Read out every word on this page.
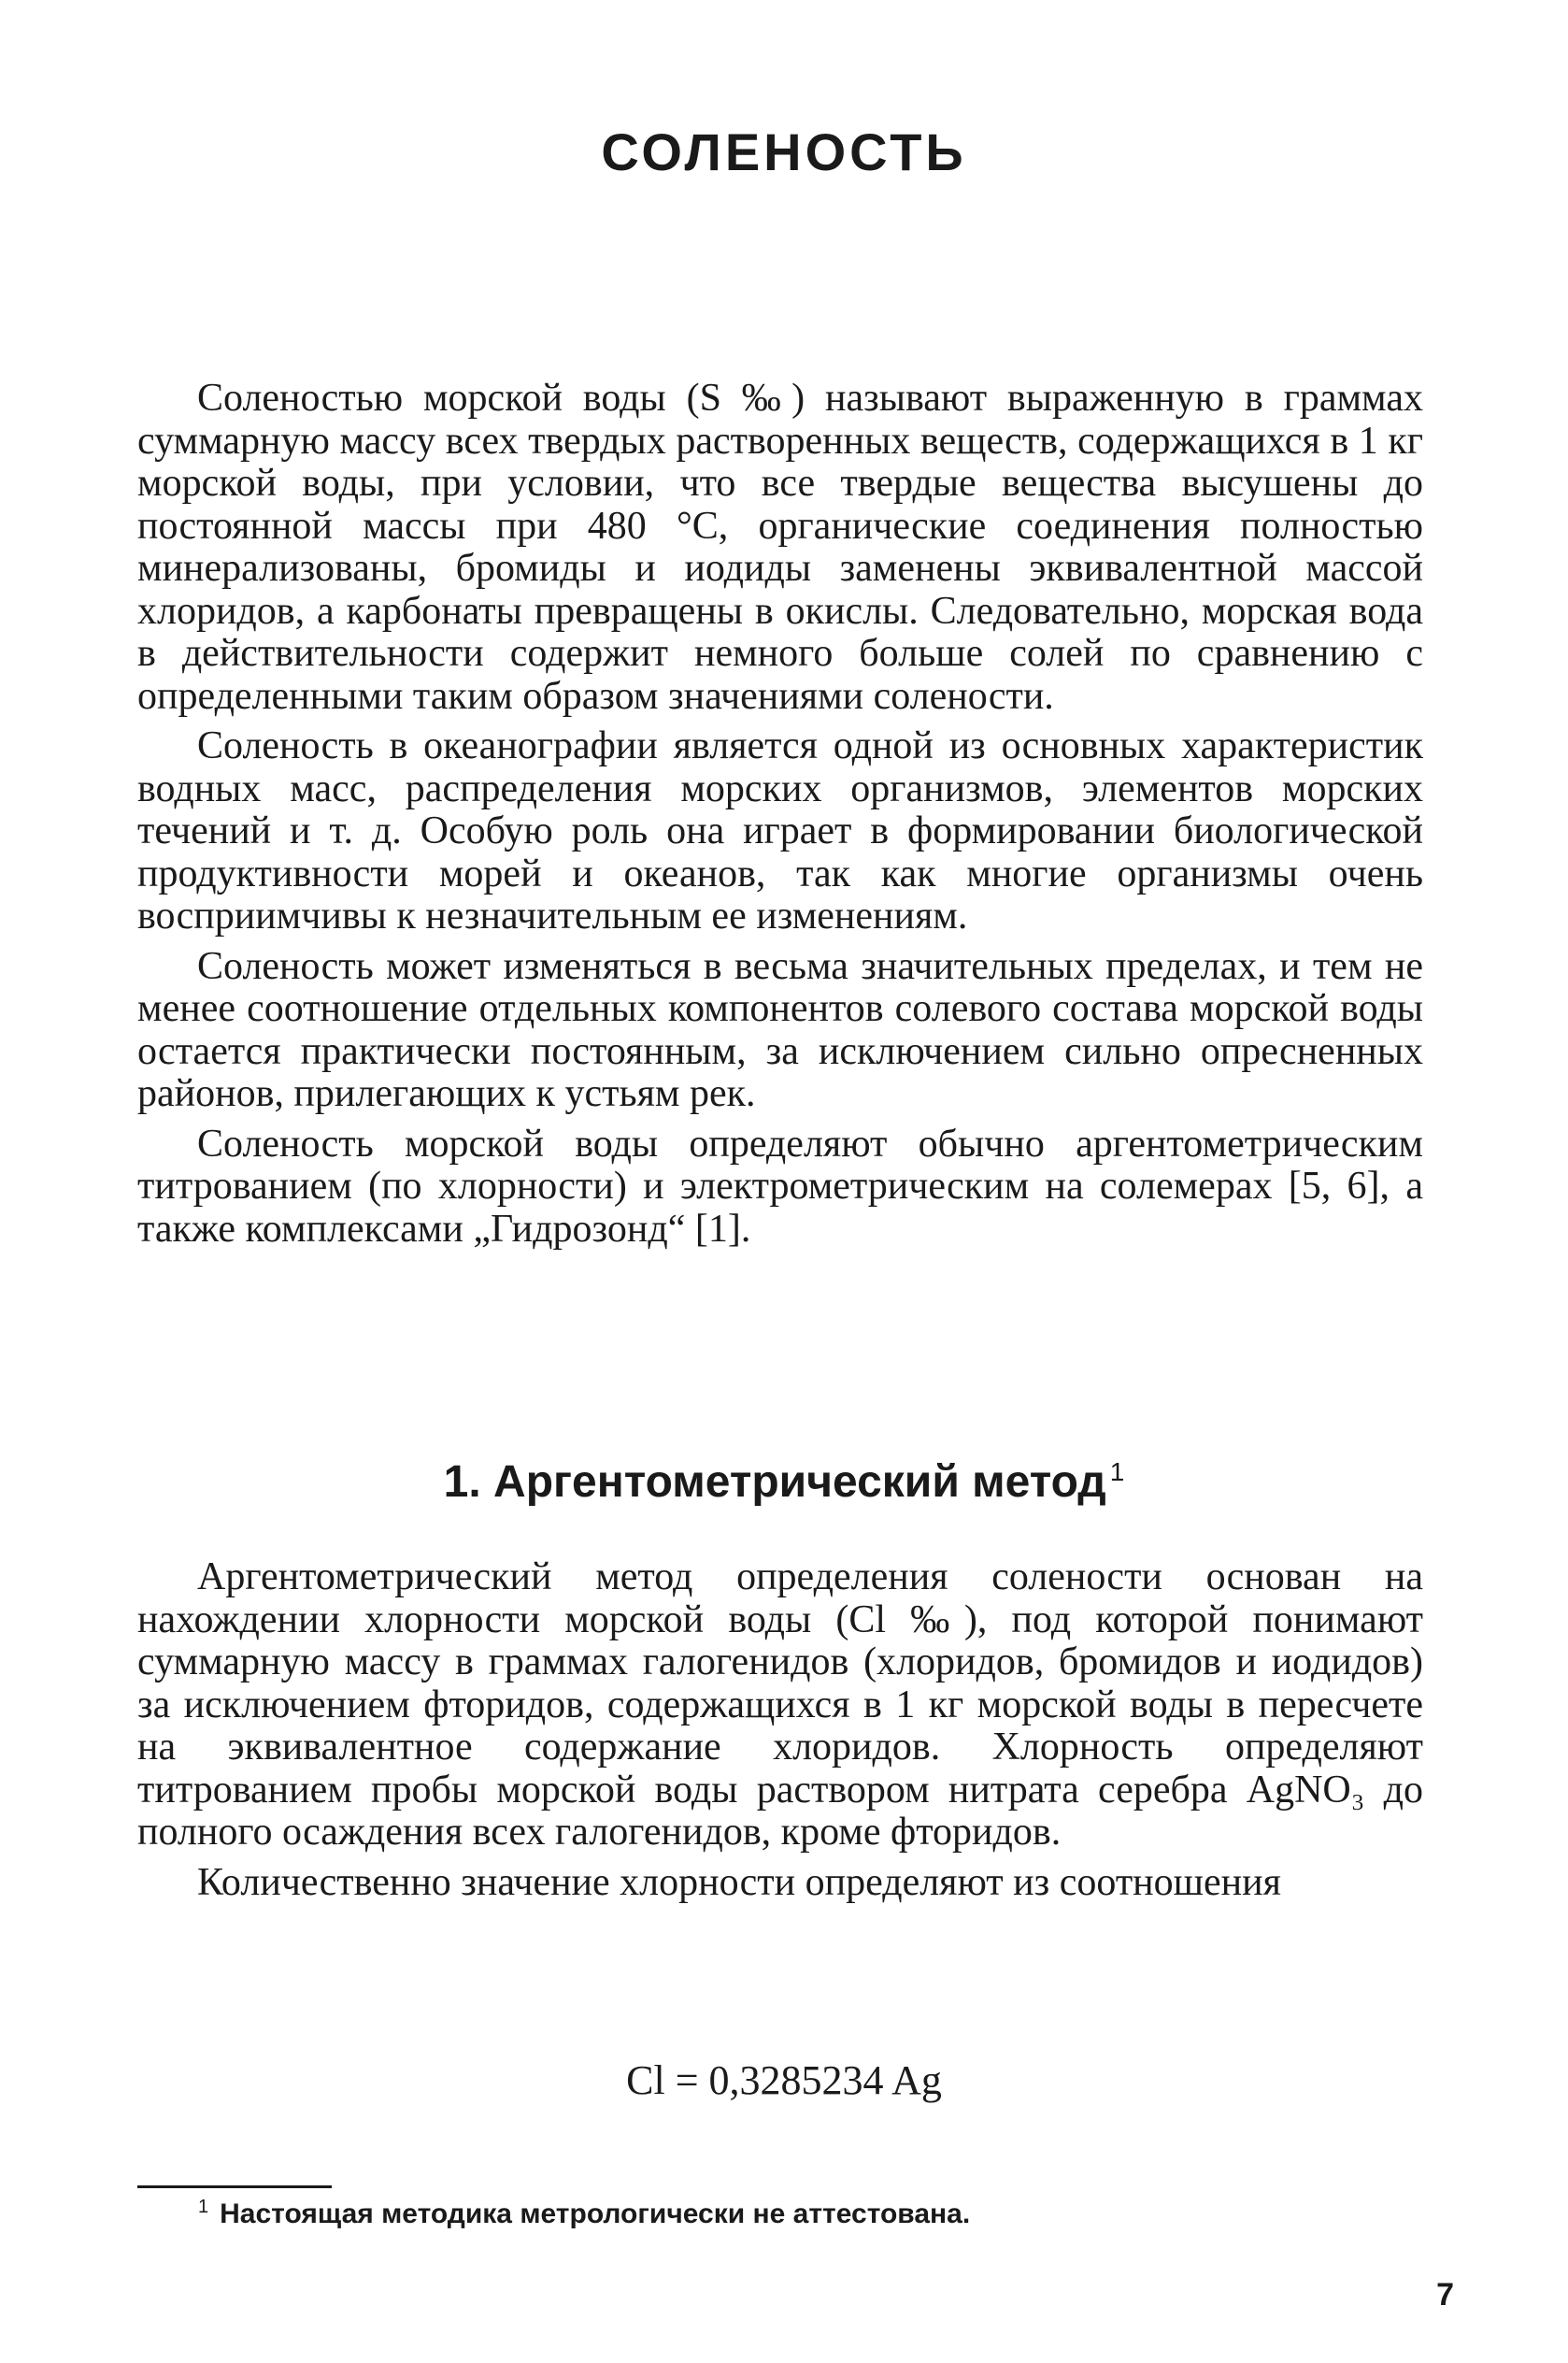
СОЛЕНОСТЬ

Соленостью морской воды (S ‰) называют выраженную в граммах суммарную массу всех твердых растворенных веществ, содержащихся в 1 кг морской воды, при условии, что все твердые вещества высушены до постоянной массы при 480 °С, органические соединения полностью минерализованы, бромиды и иодиды заменены эквивалентной массой хлоридов, а карбонаты превращены в окислы. Следовательно, морская вода в действительности содержит немного больше солей по сравнению с определенными таким образом значениями солености.

Соленость в океанографии является одной из основных характеристик водных масс, распределения морских организмов, элементов морских течений и т. д. Особую роль она играет в формировании биологической продуктивности морей и океанов, так как многие организмы очень восприимчивы к незначительным ее изменениям.

Соленость может изменяться в весьма значительных пределах, и тем не менее соотношение отдельных компонентов солевого состава морской воды остается практически постоянным, за исключением сильно опресненных районов, прилегающих к устьям рек.

Соленость морской воды определяют обычно аргентометрическим титрованием (по хлорности) и электрометрическим на солемерах [5, 6], а также комплексами „Гидрозонд“ [1].

1. Аргентометрический метод $^1$

Аргентометрический метод определения солености основан на нахождении хлорности морской воды (Cl ‰), под которой понимают суммарную массу в граммах галогенидов (хлоридов, бромидов и иодидов) за исключением фторидов, содержащихся в 1 кг морской воды в пересчете на эквивалентное содержание хлоридов. Хлорность определяют титрованием пробы морской воды раствором нитрата серебра AgNO₃ до полного осаждения всех галогенидов, кроме фторидов.

Количественно значение хлорности определяют из соотношения

Cl = 0,3285234 Ag

$^1$ Настоящая методика метрологически не аттестована.

7
